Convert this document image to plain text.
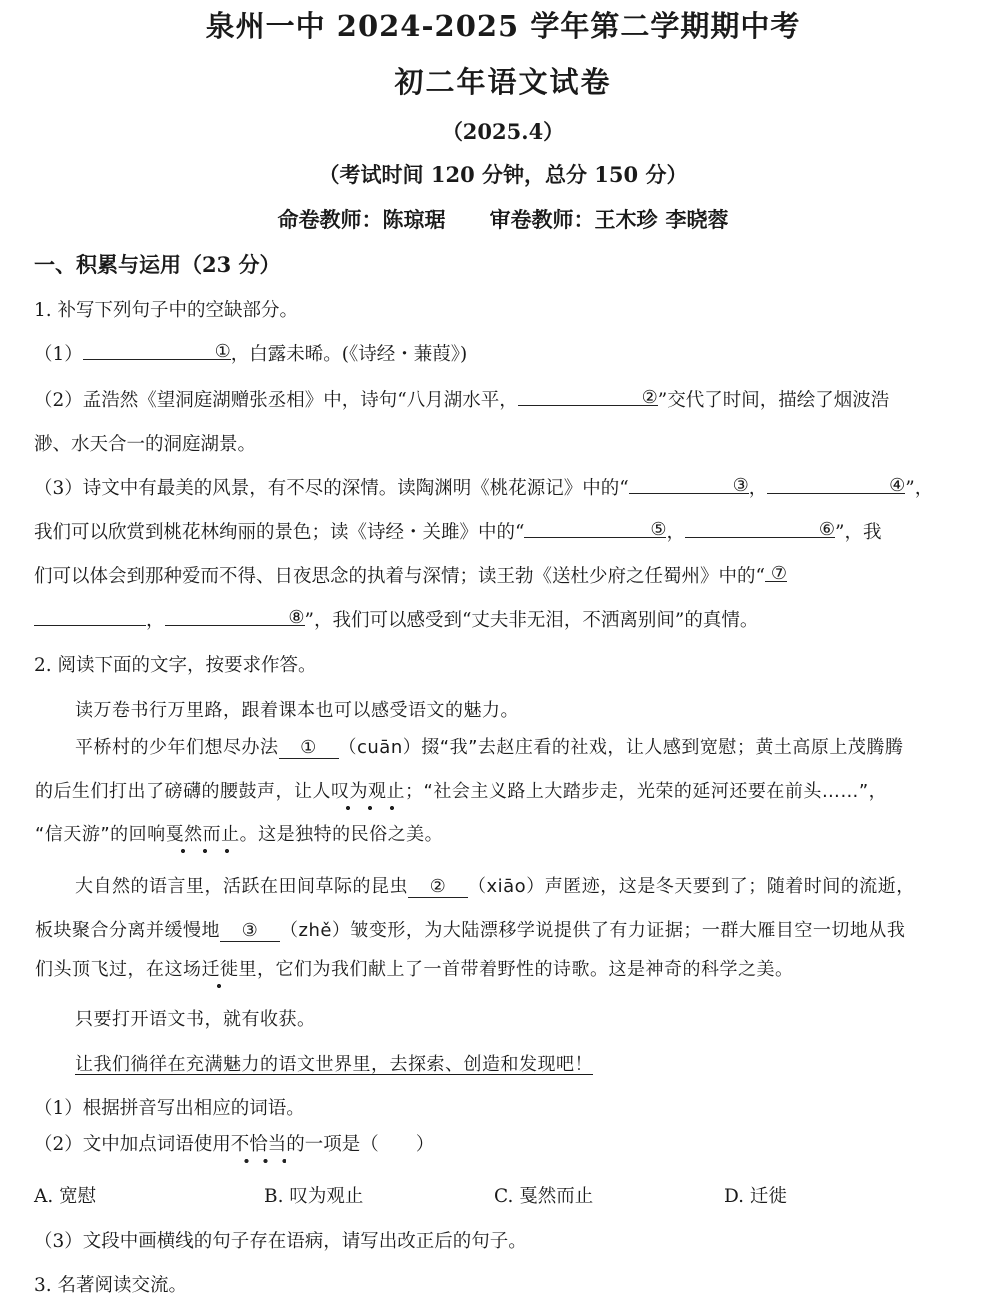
泉州一中 2024-2025 学年第二学期期中考
初二年语文试卷
（2025.4）
（考试时间 120 分钟，总分 150 分）
命卷教师：陈琼琚 审卷教师：王木珍 李晓蓉
一、积累与运用（23 分）
1. 补写下列句子中的空缺部分。
（1）	① ，白露未晞。(《诗经・蒹葭》)
（2）孟浩然《望洞庭湖赠张丞相》中，诗句“八月湖水平，	② ”交代了时间，描绘了烟波浩
渺、水天合一的洞庭湖景。
（3）诗文中有最美的风景，有不尽的深情。读陶渊明《桃花源记》中的“	③ ，	④ ”，
我们可以欣赏到桃花林绚丽的景色；读《诗经・关雎》中的“	⑤ ，	⑥ ”，我
们可以体会到那种爱而不得、日夜思念的执着与深情；读王勃《送杜少府之任蜀州》中的“ ⑦
，	⑧ ”，我们可以感受到“丈夫非无泪，不洒离别间”的真情。
2. 阅读下面的文字，按要求作答。
读万卷书行万里路，跟着课本也可以感受语文的魅力。
平桥村的少年们想尽办法 ① （cuān）掇“我”去赵庄看的社戏，让人感到宽慰；黄土高原上茂腾腾
的后生们打出了磅礴的腰鼓声，让人叹为观止；“社会主义路上大踏步走，光荣的延河还要在前头……”，
“信天游”的回响戛然而止。这是独特的民俗之美。
大自然的语言里，活跃在田间草际的昆虫 ② （xiāo）声匿迹，这是冬天要到了；随着时间的流逝，
板块聚合分离并缓慢地 ③ （zhě）皱变形，为大陆漂移学说提供了有力证据；一群大雁目空一切地从我
们头顶飞过，在这场迁徙里，它们为我们献上了一首带着野性的诗歌。这是神奇的科学之美。
只要打开语文书，就有收获。
让我们徜徉在充满魅力的语文世界里，去探索、创造和发现吧！
（1）根据拼音写出相应的词语。
（2）文中加点词语使用不恰当的一项是（　　）
A. 宽慰	B. 叹为观止	C. 戛然而止	D. 迁徙
（3）文段中画横线的句子存在语病，请写出改正后的句子。
3. 名著阅读交流。
